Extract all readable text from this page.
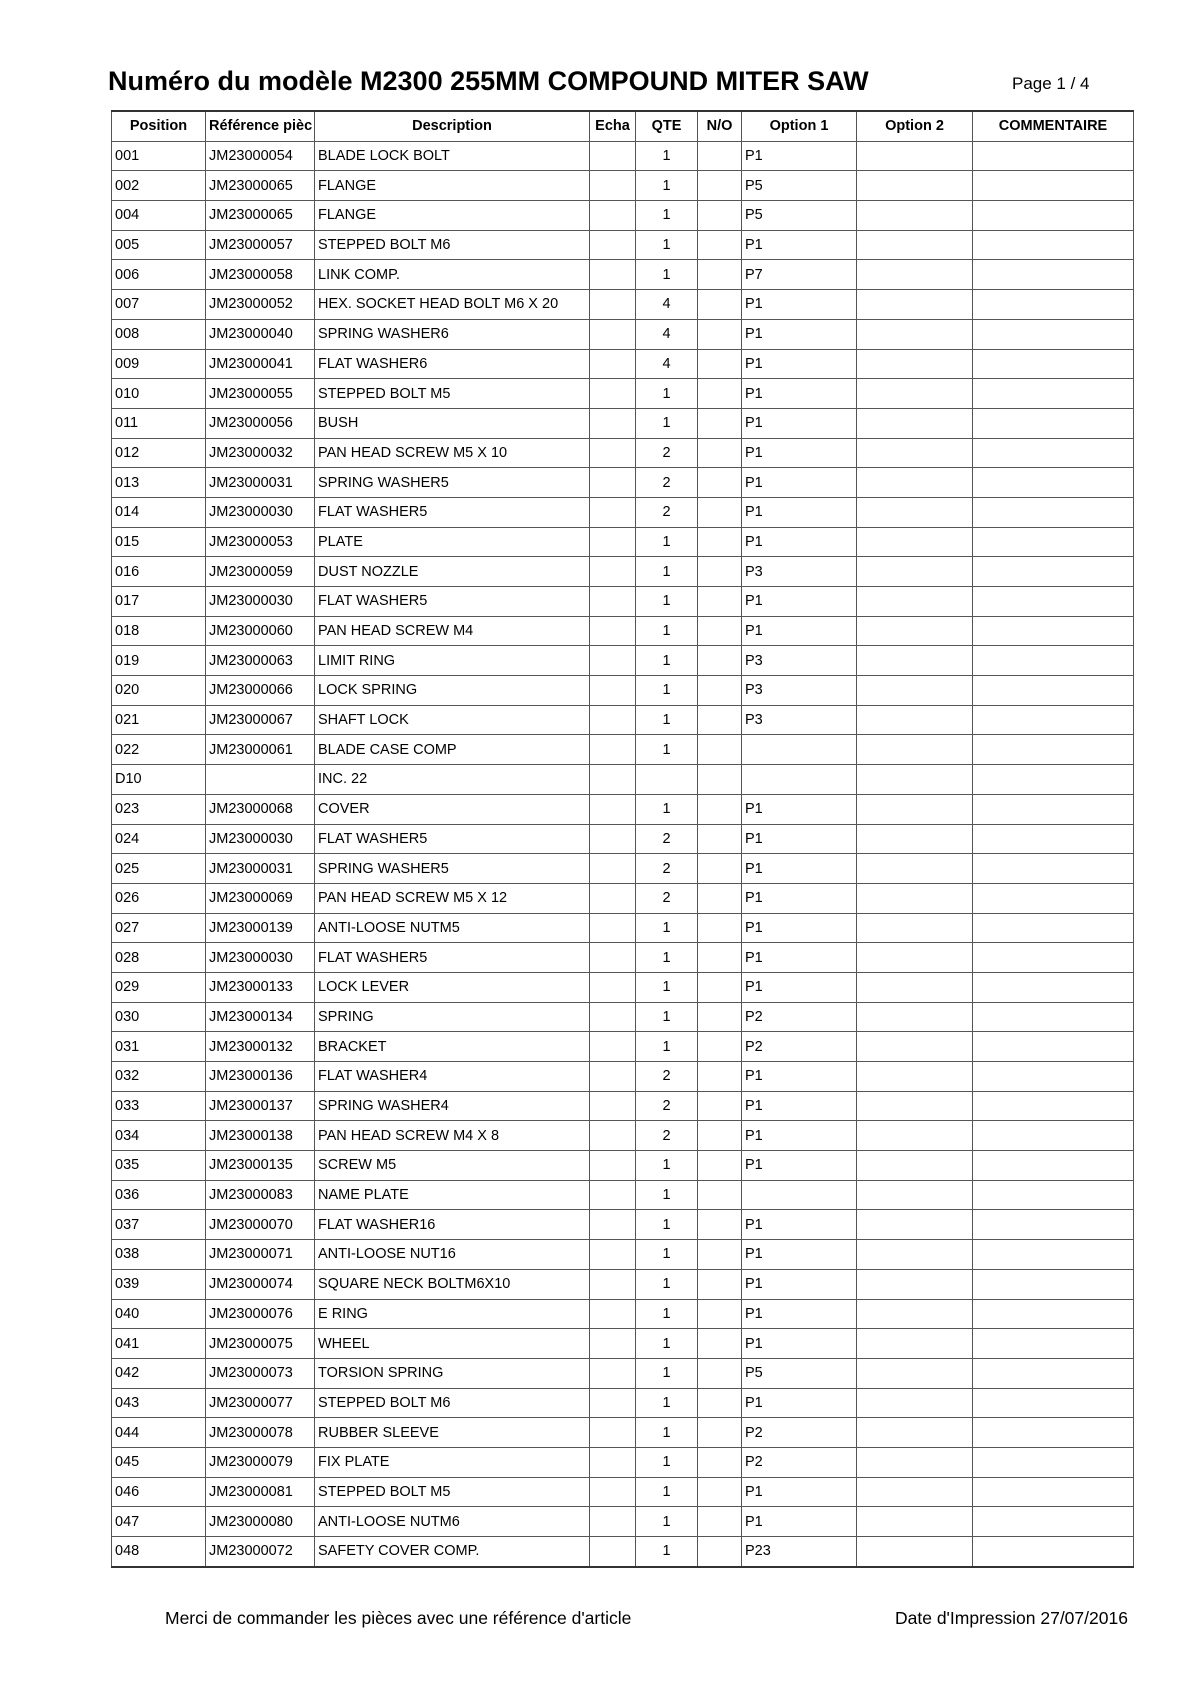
Numéro du modèle M2300 255MM COMPOUND MITER SAW	Page 1 / 4
Position	Référence pièc	Description	Echa	QTE	N/O	Option 1	Option 2	COMMENTAIRE
001	JM23000054	BLADE LOCK BOLT		1		P1		
002	JM23000065	FLANGE		1		P5		
004	JM23000065	FLANGE		1		P5		
005	JM23000057	STEPPED BOLT M6		1		P1		
006	JM23000058	LINK COMP.		1		P7		
007	JM23000052	HEX. SOCKET HEAD BOLT M6 X 20		4		P1		
008	JM23000040	SPRING WASHER6		4		P1		
009	JM23000041	FLAT WASHER6		4		P1		
010	JM23000055	STEPPED BOLT M5		1		P1		
011	JM23000056	BUSH		1		P1		
012	JM23000032	PAN HEAD SCREW M5 X 10		2		P1		
013	JM23000031	SPRING WASHER5		2		P1		
014	JM23000030	FLAT WASHER5		2		P1		
015	JM23000053	PLATE		1		P1		
016	JM23000059	DUST NOZZLE		1		P3		
017	JM23000030	FLAT WASHER5		1		P1		
018	JM23000060	PAN HEAD SCREW M4		1		P1		
019	JM23000063	LIMIT RING		1		P3		
020	JM23000066	LOCK SPRING		1		P3		
021	JM23000067	SHAFT LOCK		1		P3		
022	JM23000061	BLADE CASE COMP		1				
D10		INC. 22						
023	JM23000068	COVER		1		P1		
024	JM23000030	FLAT WASHER5		2		P1		
025	JM23000031	SPRING WASHER5		2		P1		
026	JM23000069	PAN HEAD SCREW M5 X 12		2		P1		
027	JM23000139	ANTI-LOOSE NUTM5		1		P1		
028	JM23000030	FLAT WASHER5		1		P1		
029	JM23000133	LOCK LEVER		1		P1		
030	JM23000134	SPRING		1		P2		
031	JM23000132	BRACKET		1		P2		
032	JM23000136	FLAT WASHER4		2		P1		
033	JM23000137	SPRING WASHER4		2		P1		
034	JM23000138	PAN HEAD SCREW M4 X 8		2		P1		
035	JM23000135	SCREW M5		1		P1		
036	JM23000083	NAME PLATE		1				
037	JM23000070	FLAT WASHER16		1		P1		
038	JM23000071	ANTI-LOOSE NUT16		1		P1		
039	JM23000074	SQUARE NECK BOLTM6X10		1		P1		
040	JM23000076	E RING		1		P1		
041	JM23000075	WHEEL		1		P1		
042	JM23000073	TORSION SPRING		1		P5		
043	JM23000077	STEPPED BOLT M6		1		P1		
044	JM23000078	RUBBER SLEEVE		1		P2		
045	JM23000079	FIX PLATE		1		P2		
046	JM23000081	STEPPED BOLT M5		1		P1		
047	JM23000080	ANTI-LOOSE NUTM6		1		P1		
048	JM23000072	SAFETY COVER COMP.		1		P23		
Merci de commander les pièces avec une référence d'article	Date d'Impression 27/07/2016
